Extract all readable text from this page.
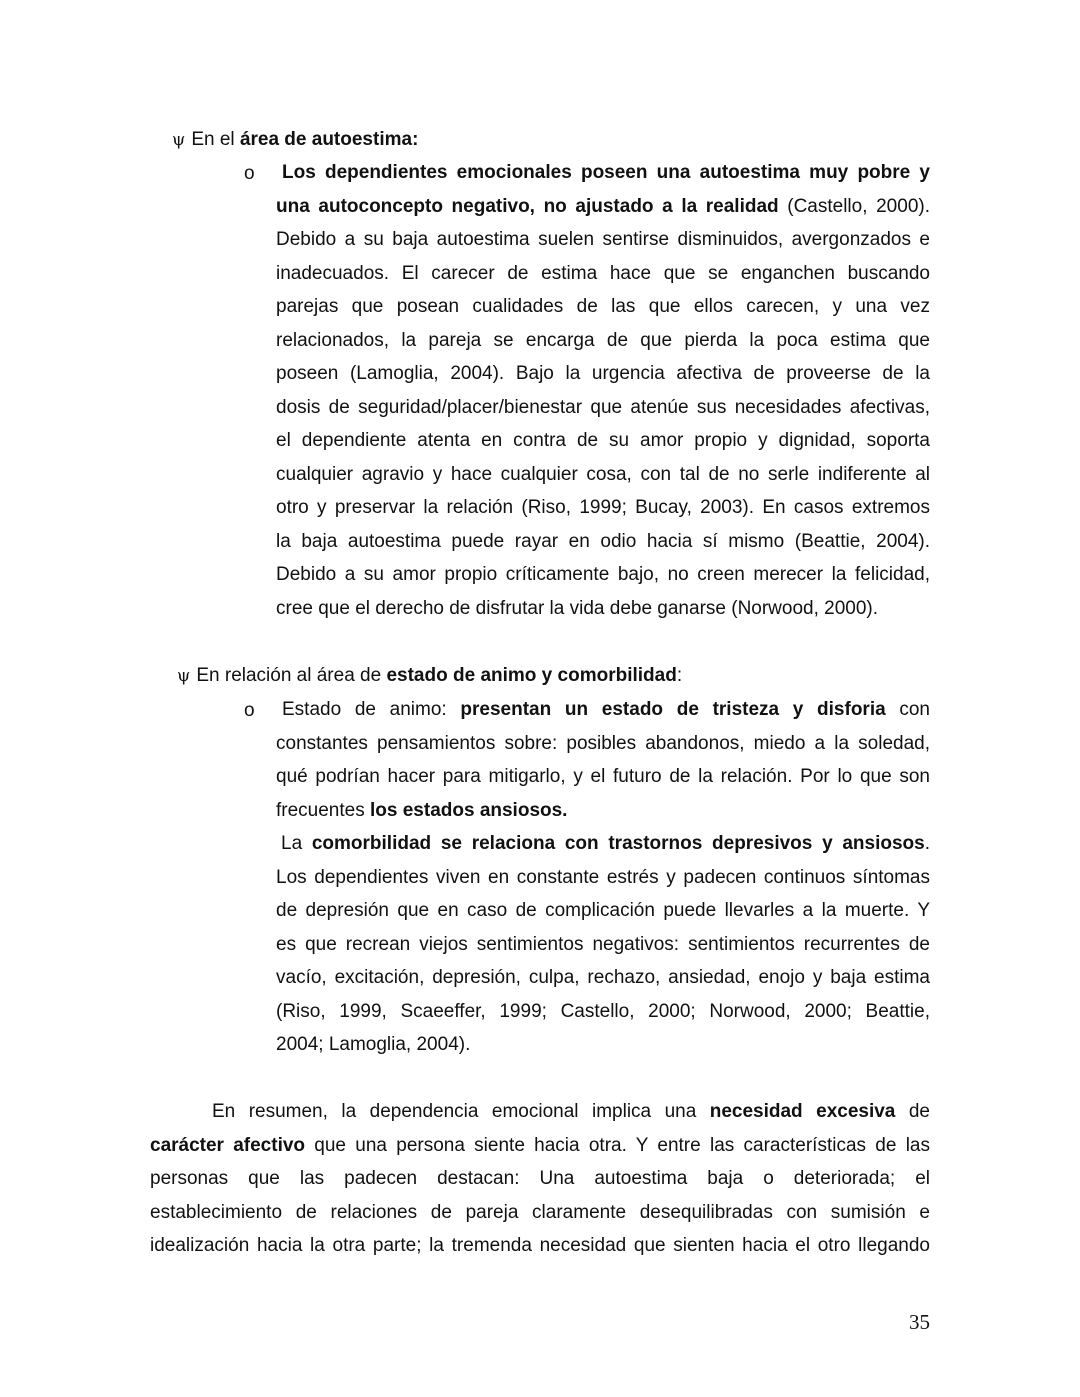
ψ En el área de autoestima:
o	Los dependientes emocionales poseen una autoestima muy pobre y
una autoconcepto negativo, no ajustado a la realidad (Castello, 2000).
Debido a su baja autoestima suelen sentirse disminuidos, avergonzados e
inadecuados. El carecer de estima hace que se enganchen buscando
parejas que posean cualidades de las que ellos carecen, y una vez
relacionados, la pareja se encarga de que pierda la poca estima que
poseen (Lamoglia, 2004). Bajo la urgencia afectiva de proveerse de la
dosis de seguridad/placer/bienestar que atenúe sus necesidades afectivas,
el dependiente atenta en contra de su amor propio y dignidad, soporta
cualquier agravio y hace cualquier cosa, con tal de no serle indiferente al
otro y preservar la relación (Riso, 1999; Bucay, 2003). En casos extremos
la baja autoestima puede rayar en odio hacia sí mismo (Beattie, 2004).
Debido a su amor propio críticamente bajo, no creen merecer la felicidad,
cree que el derecho de disfrutar la vida debe ganarse (Norwood, 2000).
ψ En relación al área de estado de animo y comorbilidad:
o	Estado de animo: presentan un estado de tristeza y disforia con
constantes pensamientos sobre: posibles abandonos, miedo a la soledad,
qué podrían hacer para mitigarlo, y el futuro de la relación. Por lo que son
frecuentes los estados ansiosos.
La comorbilidad se relaciona con trastornos depresivos y ansiosos.
Los dependientes viven en constante estrés y padecen continuos síntomas
de depresión que en caso de complicación puede llevarles a la muerte. Y
es que recrean viejos sentimientos negativos: sentimientos recurrentes de
vacío, excitación, depresión, culpa, rechazo, ansiedad, enojo y baja estima
(Riso, 1999, Scaeeffer, 1999; Castello, 2000; Norwood, 2000; Beattie,
2004; Lamoglia, 2004).
En resumen, la dependencia emocional implica una necesidad excesiva de
carácter afectivo que una persona siente hacia otra. Y entre las características de las
personas que las padecen destacan: Una autoestima baja o deteriorada; el
establecimiento de relaciones de pareja claramente desequilibradas con sumisión e
idealización hacia la otra parte; la tremenda necesidad que sienten hacia el otro llegando
35
